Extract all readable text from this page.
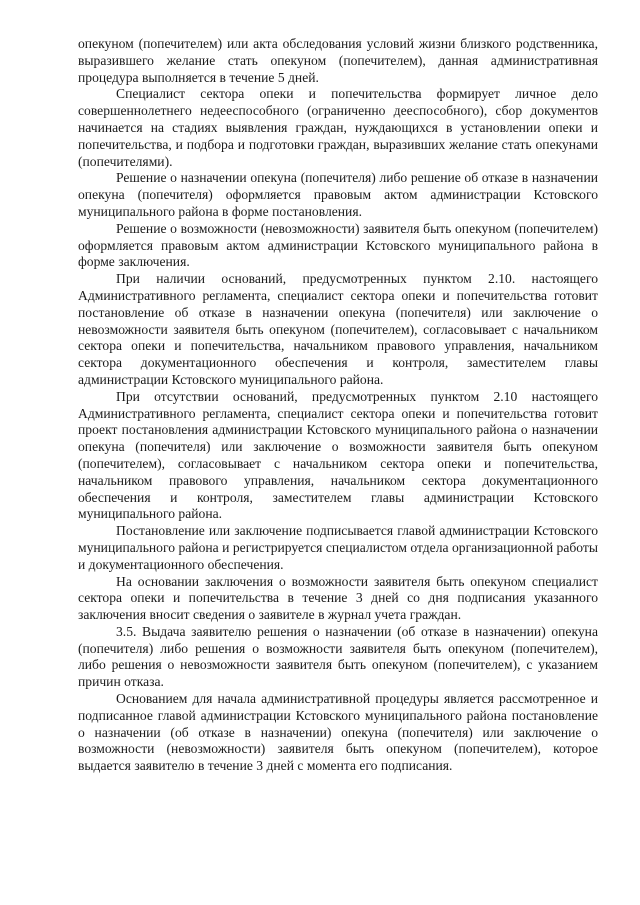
опекуном (попечителем) или акта обследования условий жизни близкого родственника, выразившего желание стать опекуном (попечителем), данная административная процедура выполняется в течение 5 дней.

Специалист сектора опеки и попечительства формирует личное дело совершеннолетнего недееспособного (ограниченно дееспособного), сбор документов начинается на стадиях выявления граждан, нуждающихся в установлении опеки и попечительства, и подбора и подготовки граждан, выразивших желание стать опекунами (попечителями).

Решение о назначении опекуна (попечителя) либо решение об отказе в назначении опекуна (попечителя) оформляется правовым актом администрации Кстовского муниципального района в форме постановления.

Решение о возможности (невозможности) заявителя быть опекуном (попечителем) оформляется правовым актом администрации Кстовского муниципального района в форме заключения.

При наличии оснований, предусмотренных пунктом 2.10. настоящего Административного регламента, специалист сектора опеки и попечительства готовит постановление об отказе в назначении опекуна (попечителя) или заключение о невозможности заявителя быть опекуном (попечителем), согласовывает с начальником сектора опеки и попечительства, начальником правового управления, начальником сектора документационного обеспечения и контроля, заместителем главы администрации Кстовского муниципального района.

При отсутствии оснований, предусмотренных пунктом 2.10 настоящего Административного регламента, специалист сектора опеки и попечительства готовит проект постановления администрации Кстовского муниципального района о назначении опекуна (попечителя) или заключение о возможности заявителя быть опекуном (попечителем), согласовывает с начальником сектора опеки и попечительства, начальником правового управления, начальником сектора документационного обеспечения и контроля, заместителем главы администрации Кстовского муниципального района.

Постановление или заключение подписывается главой администрации Кстовского муниципального района и регистрируется специалистом отдела организационной работы и документационного обеспечения.

На основании заключения о возможности заявителя быть опекуном специалист сектора опеки и попечительства в течение 3 дней со дня подписания указанного заключения вносит сведения о заявителе в журнал учета граждан.

3.5. Выдача заявителю решения о назначении (об отказе в назначении) опекуна (попечителя) либо решения о возможности заявителя быть опекуном (попечителем), либо решения о невозможности заявителя быть опекуном (попечителем), с указанием причин отказа.

Основанием для начала административной процедуры является рассмотренное и подписанное главой администрации Кстовского муниципального района постановление о назначении (об отказе в назначении) опекуна (попечителя) или заключение о возможности (невозможности) заявителя быть опекуном (попечителем), которое выдается заявителю в течение 3 дней с момента его подписания.
